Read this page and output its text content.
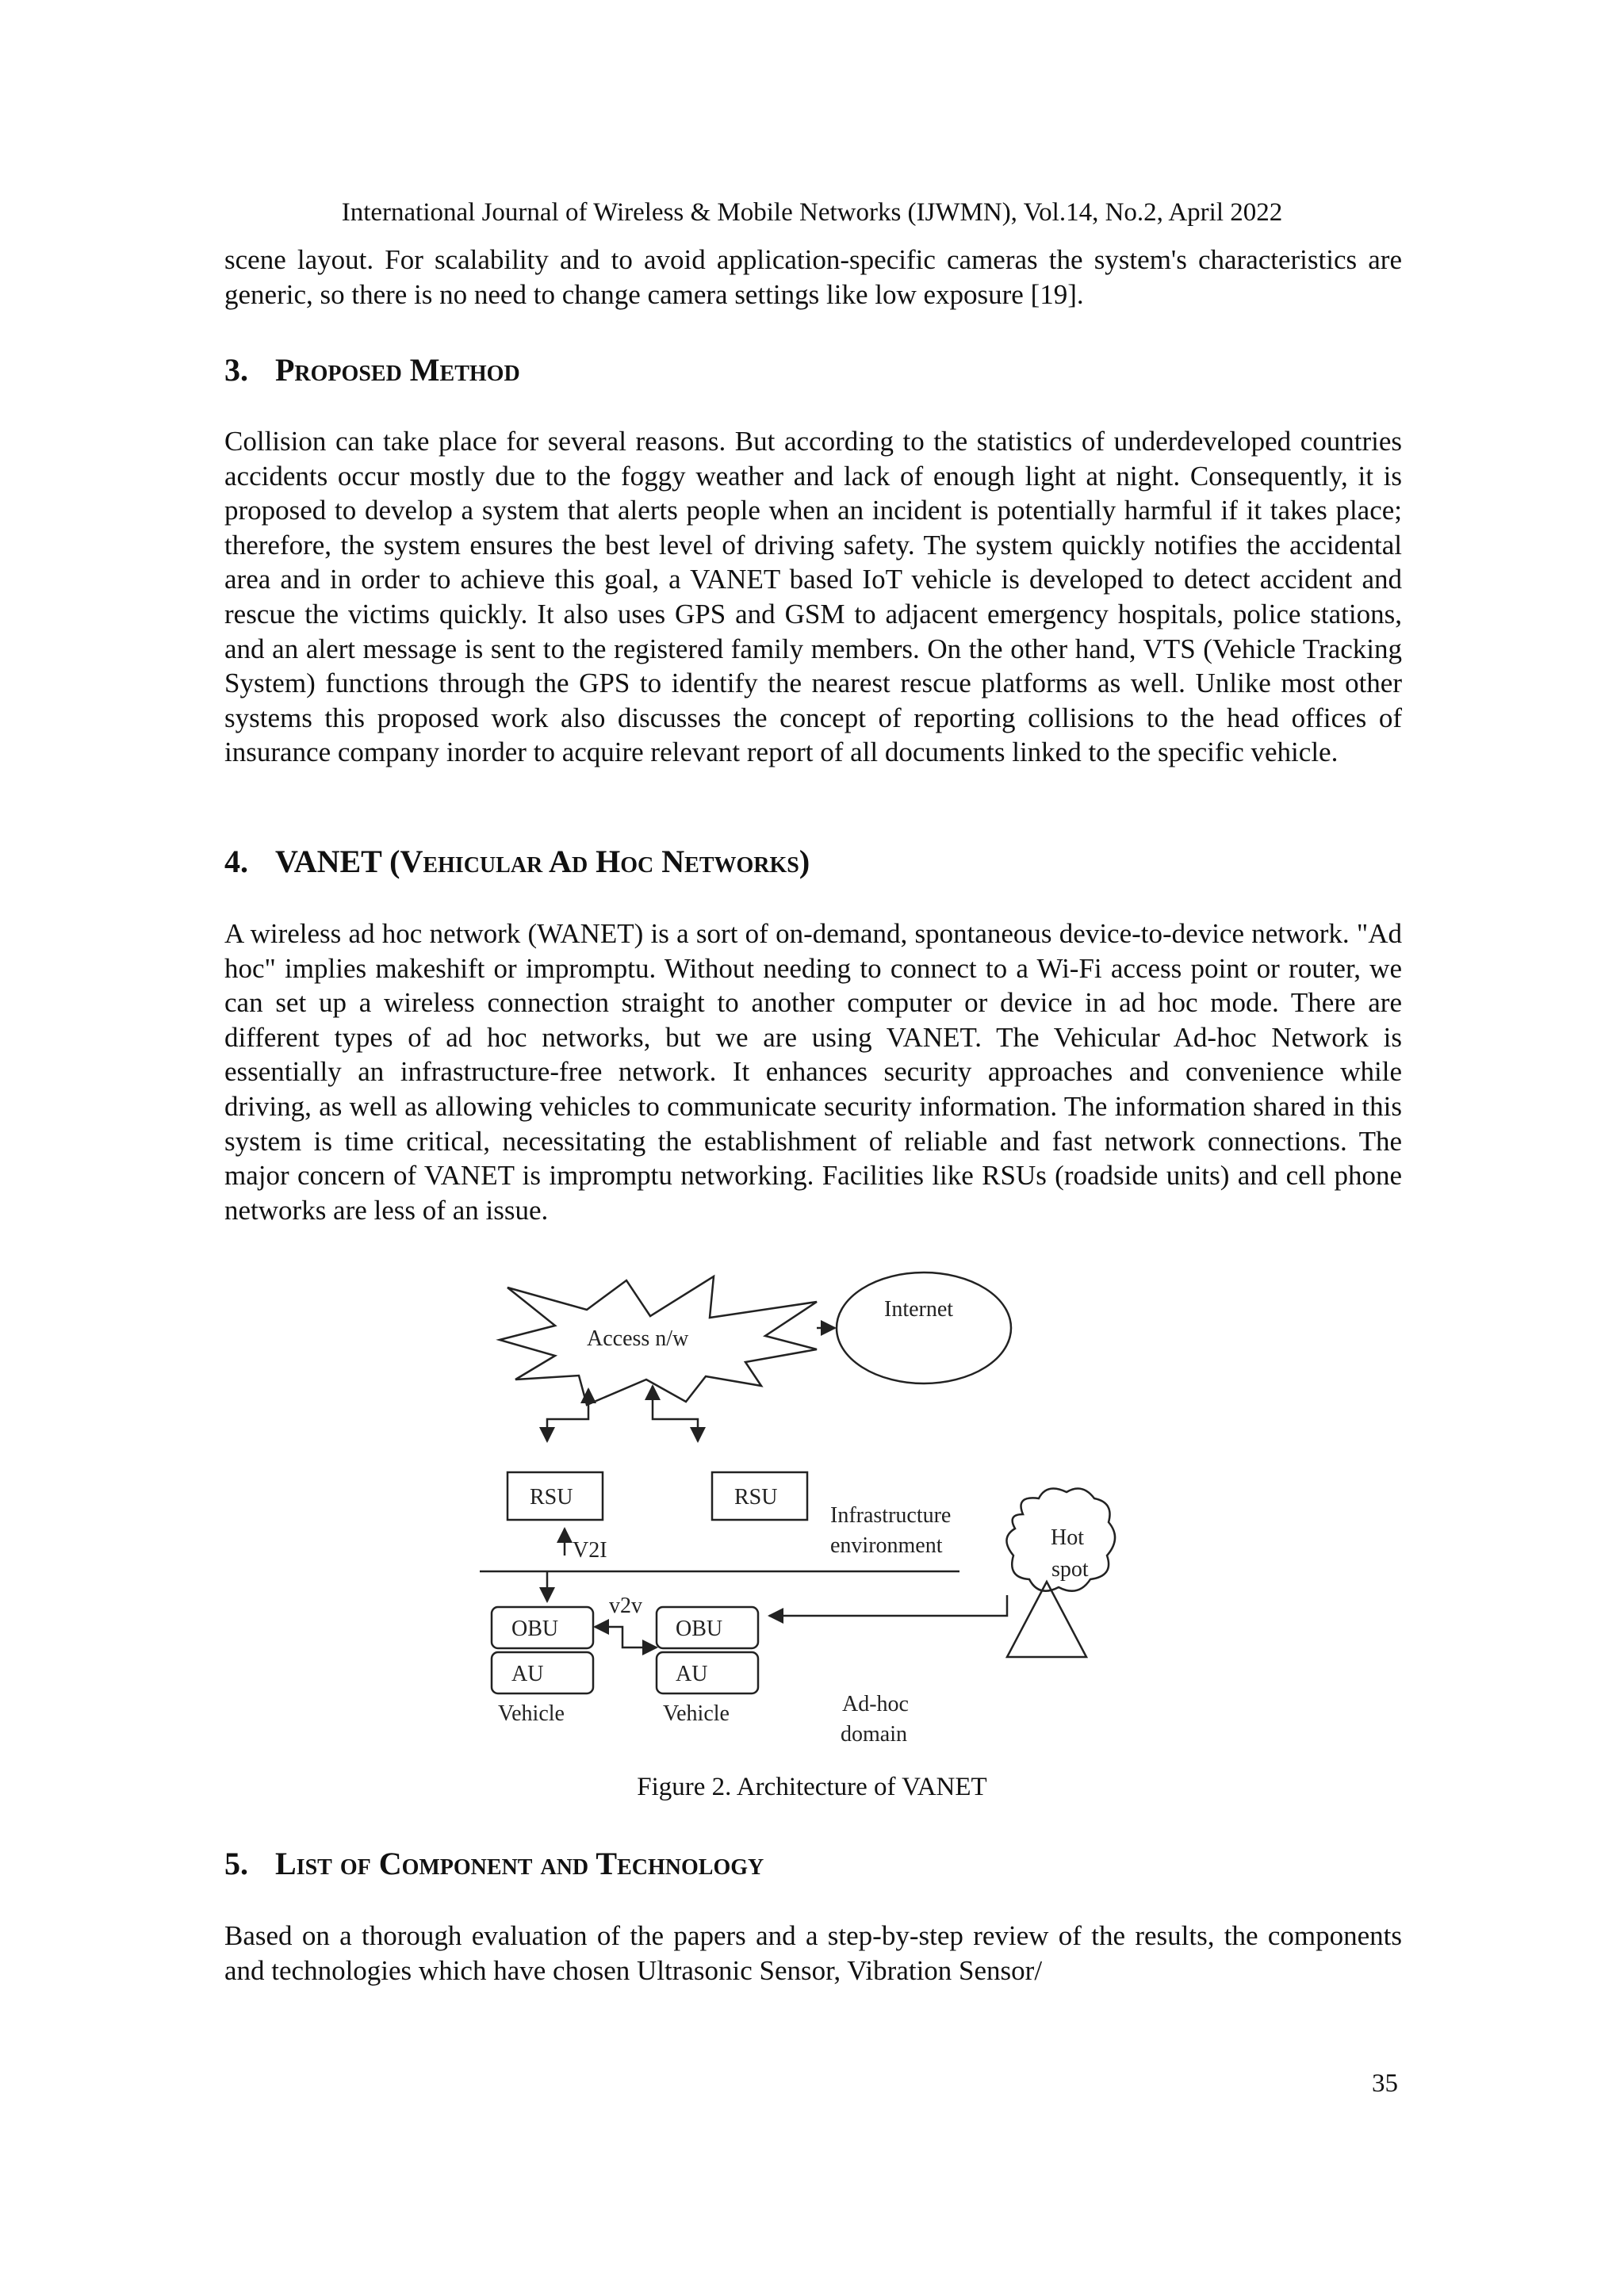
International Journal of Wireless & Mobile Networks (IJWMN), Vol.14, No.2, April 2022

scene layout. For scalability and to avoid application-specific cameras the system's characteristics are generic, so there is no need to change camera settings like low exposure [19].

3. Proposed Method

Collision can take place for several reasons. But according to the statistics of underdeveloped countries accidents occur mostly due to the foggy weather and lack of enough light at night. Consequently, it is proposed to develop a system that alerts people when an incident is potentially harmful if it takes place; therefore, the system ensures the best level of driving safety. The system quickly notifies the accidental area and in order to achieve this goal, a VANET based IoT vehicle is developed to detect accident and rescue the victims quickly. It also uses GPS and GSM to adjacent emergency hospitals, police stations, and an alert message is sent to the registered family members. On the other hand, VTS (Vehicle Tracking System) functions through the GPS to identify the nearest rescue platforms as well. Unlike most other systems this proposed work also discusses the concept of reporting collisions to the head offices of insurance company inorder to acquire relevant report of all documents linked to the specific vehicle.

4. VANET (Vehicular Ad Hoc Networks)

A wireless ad hoc network (WANET) is a sort of on-demand, spontaneous device-to-device network. "Ad hoc" implies makeshift or impromptu. Without needing to connect to a Wi-Fi access point or router, we can set up a wireless connection straight to another computer or device in ad hoc mode. There are different types of ad hoc networks, but we are using VANET. The Vehicular Ad-hoc Network is essentially an infrastructure-free network. It enhances security approaches and convenience while driving, as well as allowing vehicles to communicate security information. The information shared in this system is time critical, necessitating the establishment of reliable and fast network connections. The major concern of VANET is impromptu networking. Facilities like RSUs (roadside units) and cell phone networks are less of an issue.

Access n/w
Internet
RSU	RSU
Infrastructure
environment
V2I
Hot
spot
v2v
OBU
AU
Vehicle
OBU
AU
Vehicle	Ad-hoc
domain
Figure 2. Architecture of VANET
5. List of Component and Technology

Based on a thorough evaluation of the papers and a step-by-step review of the results, the components and technologies which have chosen Ultrasonic Sensor, Vibration Sensor/

35
